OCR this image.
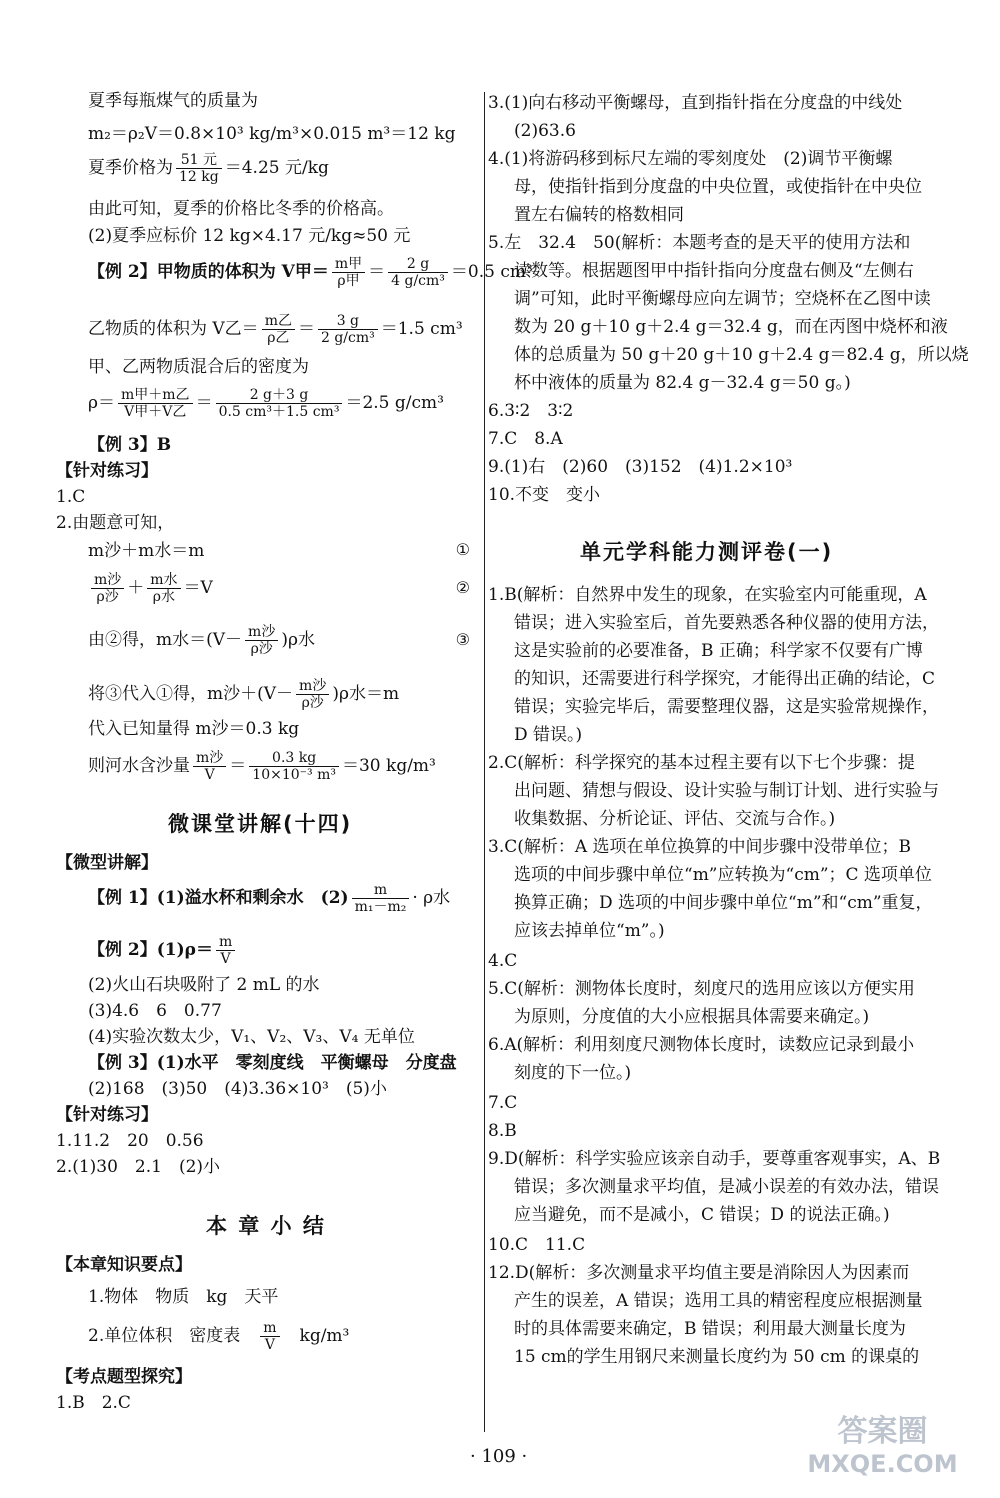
夏季每瓶煤气的质量为
m₂＝ρ₂V＝0.8×10³ kg/m³×0.015 m³＝12 kg
夏季价格为 $\frac{\text{51 元}}{12 kg} =4.25$ 元/kg
由此可知，夏季的价格比冬季的价格高。
(2)夏季应标价 12 kg×4.17 元/kg≈50 元
【例 2】甲物质的体积为 V甲＝ $\frac{\text{m甲}}{\text{ρ甲}} = \frac{2 g}{\text{4 g/cm³}} =0.5$ cm³
乙物质的体积为 V乙＝ $\frac{\text{m乙}}{\text{ρ乙}} = \frac{3 g}{\text{2 g/cm³}} =1.5$ cm³
甲、乙两物质混合后的密度为
$\rho= \frac{\text{m甲＋m乙}}{\text{V甲＋V乙}} = \frac{2 g+3 g}{\text{0.5 cm³＋1.5 cm³}} =2.5$ g/cm³
【例 3】B
【针对练习】
1.C
2.由题意可知，
m沙＋m水＝m	①
$\frac{\text{m沙}}{\text{ρ沙}} + \frac{\text{m水}}{\text{ρ水}} =V$	②
由②得，m水$=(V- \frac{\text{m沙}}{\text{ρ沙}} )\rho$水	③
将③代入①得，m沙$+(V- \frac{\text{m沙}}{\text{ρ沙}} )\rho$水＝m
代入已知量得 m沙＝0.3 kg
则河水含沙量 $\frac{\text{m沙}}{V} = \frac{0.3 kg}{\text{10×10⁻³ m³}} =30$ kg/m³
微课堂讲解(十四)
【微型讲解】
【例 1】(1)溢水杯和剩余水　$(2) \frac{m}{\text{m₁－m₂}} \cdot \rho$水
【例 2】$(1)\rho= \frac{m}{V}$
(2)火山石块吸附了 2 mL 的水
(3)4.6　6　0.77
(4)实验次数太少，V₁、V₂、V₃、V₄ 无单位
【例 3】(1)水平　零刻度线　平衡螺母　分度盘
(2)168　(3)50　(4)3.36×10³　(5)小
【针对练习】
1.11.2　20　0.56
2.(1)30　2.1　(2)小
本 章 小 结
【本章知识要点】
1.物体　物质　kg　天平
2.单位体积　密度表　 $\frac{m}{V}$
　 kg/m³
【考点题型探究】
1.B　2.C
3.(1)向右移动平衡螺母，直到指针指在分度盘的中线处
(2)63.6
4.(1)将游码移到标尺左端的零刻度处　(2)调节平衡螺
母，使指针指到分度盘的中央位置，或使指针在中央位
置左右偏转的格数相同
5.左　32.4　50(解析：本题考查的是天平的使用方法和
读数等。根据题图甲中指针指向分度盘右侧及“左侧右
调”可知，此时平衡螺母应向左调节；空烧杯在乙图中读
数为 20 g＋10 g＋2.4 g＝32.4 g，而在丙图中烧杯和液
体的总质量为 50 g＋20 g＋10 g＋2.4 g＝82.4 g，所以烧
杯中液体的质量为 82.4 g－32.4 g＝50 g。)
6.3∶2　3∶2
7.C　8.A
9.(1)右　(2)60　(3)152　(4)1.2×10³
10.不变　变小
单元学科能力测评卷(一)
1.B(解析：自然界中发生的现象，在实验室内可能重现，A
错误；进入实验室后，首先要熟悉各种仪器的使用方法，
这是实验前的必要准备，B 正确；科学家不仅要有广博
的知识，还需要进行科学探究，才能得出正确的结论，C
错误；实验完毕后，需要整理仪器，这是实验常规操作，
D 错误。)
2.C(解析：科学探究的基本过程主要有以下七个步骤：提
出问题、猜想与假设、设计实验与制订计划、进行实验与
收集数据、分析论证、评估、交流与合作。)
3.C(解析：A 选项在单位换算的中间步骤中没带单位；B
选项的中间步骤中单位“m”应转换为“cm”；C 选项单位
换算正确；D 选项的中间步骤中单位“m”和“cm”重复，
应该去掉单位“m”。)
4.C
5.C(解析：测物体长度时，刻度尺的选用应该以方便实用
为原则，分度值的大小应根据具体需要来确定。)
6.A(解析：利用刻度尺测物体长度时，读数应记录到最小
刻度的下一位。)
7.C
8.B
9.D(解析：科学实验应该亲自动手，要尊重客观事实，A、B
错误；多次测量求平均值，是减小误差的有效办法，错误
应当避免，而不是减小，C 错误；D 的说法正确。)
10.C　11.C
12.D(解析：多次测量求平均值主要是消除因人为因素而
产生的误差，A 错误；选用工具的精密程度应根据测量
时的具体需要来确定，B 错误；利用最大测量长度为
15 cm的学生用钢尺来测量长度约为 50 cm 的课桌的
· 109 ·
答案圈
MXQE.COM
